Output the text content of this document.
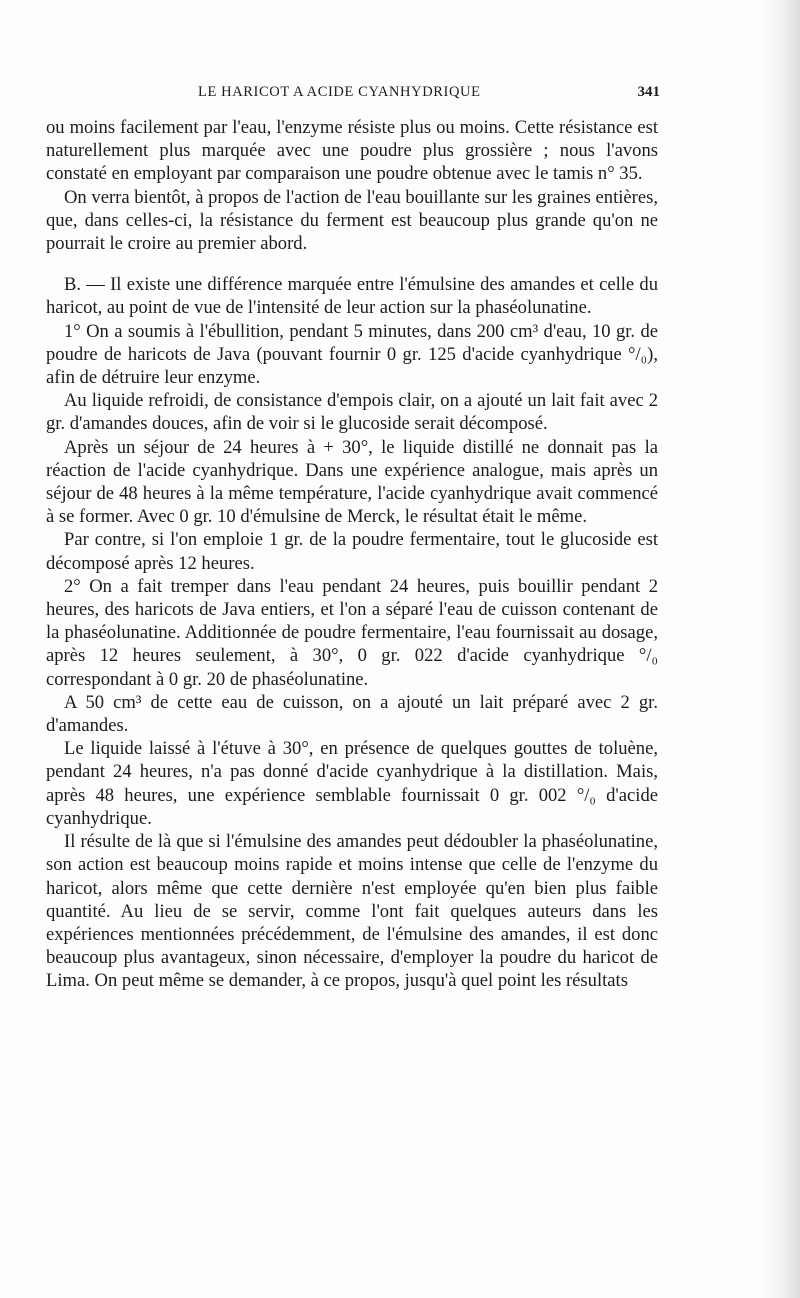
LE HARICOT A ACIDE CYANHYDRIQUE	341

ou moins facilement par l'eau, l'enzyme résiste plus ou moins. Cette résistance est naturellement plus marquée avec une poudre plus grossière ; nous l'avons constaté en employant par comparaison une poudre obtenue avec le tamis n° 35.

On verra bientôt, à propos de l'action de l'eau bouillante sur les graines entières, que, dans celles-ci, la résistance du ferment est beaucoup plus grande qu'on ne pourrait le croire au premier abord.

B. — Il existe une différence marquée entre l'émulsine des amandes et celle du haricot, au point de vue de l'intensité de leur action sur la phaséolunatine.

1° On a soumis à l'ébullition, pendant 5 minutes, dans 200 cm³ d'eau, 10 gr. de poudre de haricots de Java (pouvant fournir 0 gr. 125 d'acide cyanhydrique °/₀), afin de détruire leur enzyme.

Au liquide refroidi, de consistance d'empois clair, on a ajouté un lait fait avec 2 gr. d'amandes douces, afin de voir si le glucoside serait décomposé.

Après un séjour de 24 heures à + 30°, le liquide distillé ne donnait pas la réaction de l'acide cyanhydrique. Dans une expérience analogue, mais après un séjour de 48 heures à la même température, l'acide cyanhydrique avait commencé à se former. Avec 0 gr. 10 d'émulsine de Merck, le résultat était le même.

Par contre, si l'on emploie 1 gr. de la poudre fermentaire, tout le glucoside est décomposé après 12 heures.

2° On a fait tremper dans l'eau pendant 24 heures, puis bouillir pendant 2 heures, des haricots de Java entiers, et l'on a séparé l'eau de cuisson contenant de la phaséolunatine. Additionnée de poudre fermentaire, l'eau fournissait au dosage, après 12 heures seulement, à 30°, 0 gr. 022 d'acide cyanhydrique °/₀ correspondant à 0 gr. 20 de phaséolunatine.

A 50 cm³ de cette eau de cuisson, on a ajouté un lait préparé avec 2 gr. d'amandes.

Le liquide laissé à l'étuve à 30°, en présence de quelques gouttes de toluène, pendant 24 heures, n'a pas donné d'acide cyanhydrique à la distillation. Mais, après 48 heures, une expérience semblable fournissait 0 gr. 002 °/₀ d'acide cyanhydrique.

Il résulte de là que si l'émulsine des amandes peut dédoubler la phaséolunatine, son action est beaucoup moins rapide et moins intense que celle de l'enzyme du haricot, alors même que cette dernière n'est employée qu'en bien plus faible quantité. Au lieu de se servir, comme l'ont fait quelques auteurs dans les expériences mentionnées précédemment, de l'émulsine des amandes, il est donc beaucoup plus avantageux, sinon nécessaire, d'employer la poudre du haricot de Lima. On peut même se demander, à ce propos, jusqu'à quel point les résultats
